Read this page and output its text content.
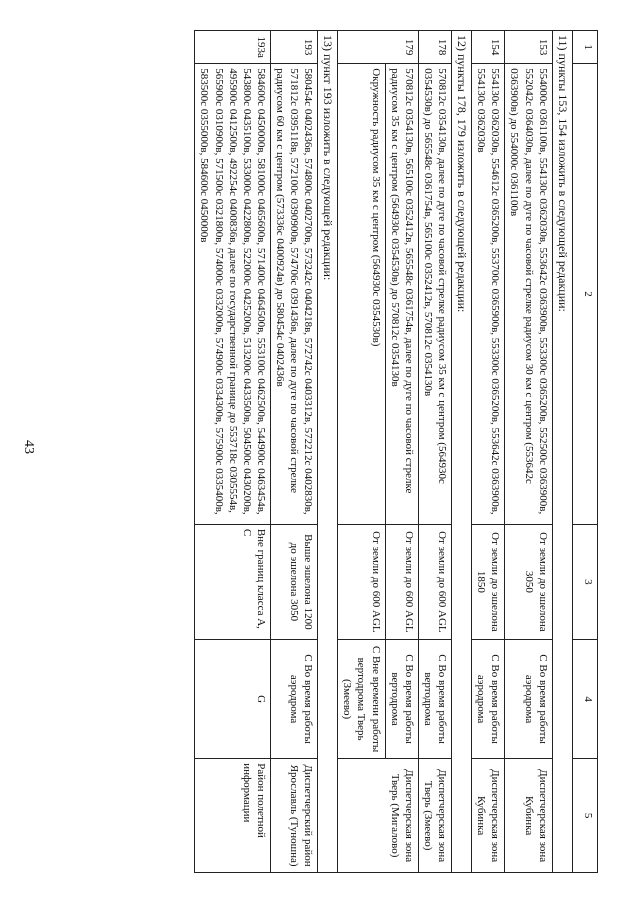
43
1	2	3	4	5
11) пункты 153, 154 изложить в следующей редакции:				
153	554000с 0361100в, 554130с 0362030в, 553642с 0363900в, 553300с 0365200в, 552500с 0363900в, 552042с 0364030в, далее по дуге по часовой стрелке радиусом 30 км с центром (553642с 0363900в) до 554000с 0361100в	От земли до эшелона 3050	С Во время работы аэродрома	Диспетчерская зона Кубинка
154	554130с 0362030в, 554612с 0365200в, 553700с 0365900в, 553300с 0365200в, 553642с 0363900в, 554130с 0362030в	От земли до эшелона 1850	С Во время работы аэродрома	Диспетчерская зона Кубинка
12) пункты 178, 179 изложить в следующей редакции:				
178	570812с 0354130в, далее по дуге по часовой стрелке радиусом 35 км с центром (564930с 0354530в) до 565548с 0361754в, 565100с 0352412в, 570812с 0354130в	От земли до 600 AGL	С Во время работы вертодрома	Диспетчерская зона Тверь (Змеево)
179	570812с 0354130в, 565100с 0352412в, 565548с 0361754в, далее по дуге по часовой стрелке радиусом 35 км с центром (564930с 0354530в) до 570812с 0354130в	От земли до 600 AGL	С Во время работы вертодрома	Диспетчерская зона Тверь (Мигалово)
	Окружность радиусом 35 км с центром (564930с 0354530в)	От земли до 600 AGL	С Вне времени работы вертодрома Тверь (Змеево)	
13) пункт 193 изложить в следующей редакции:				
193	580454с 0402436в, 574800с 0402700в, 573242с 0404218в, 572742с 0403312в, 572212с 0402830в, 571812с 0395118в, 572100с 0390900в, 574706с 0391436в, далее по дуге по часовой стрелке радиусом 60 км с центром (573336с 0400924в) до 580454с 0402436в	Выше эшелона 1200 до эшелона 3050	С Во время работы аэродрома	Диспетчерский район Ярославль (Туношна)
193а	584600с 0450000в, 581000с 0465600в, 571400с 0464500в, 553100с 0462500в, 544900с 0463454в, 543800с 0435100в, 533000с 0422800в, 522000с 0425200в, 513200с 0433500в, 504500с 0430200в, 495900с 0412500в, 492254с 0400836в, далее по государственной границе до 553718с 0305554в, 565900с 0310900в, 571500с 0321800в, 574000с 0332000в, 574900с 0334300в, 575900с 0335400в, 583500с 0355000в, 584600с 0450000в	Вне границ класса А, С	G	Район полетной информации
